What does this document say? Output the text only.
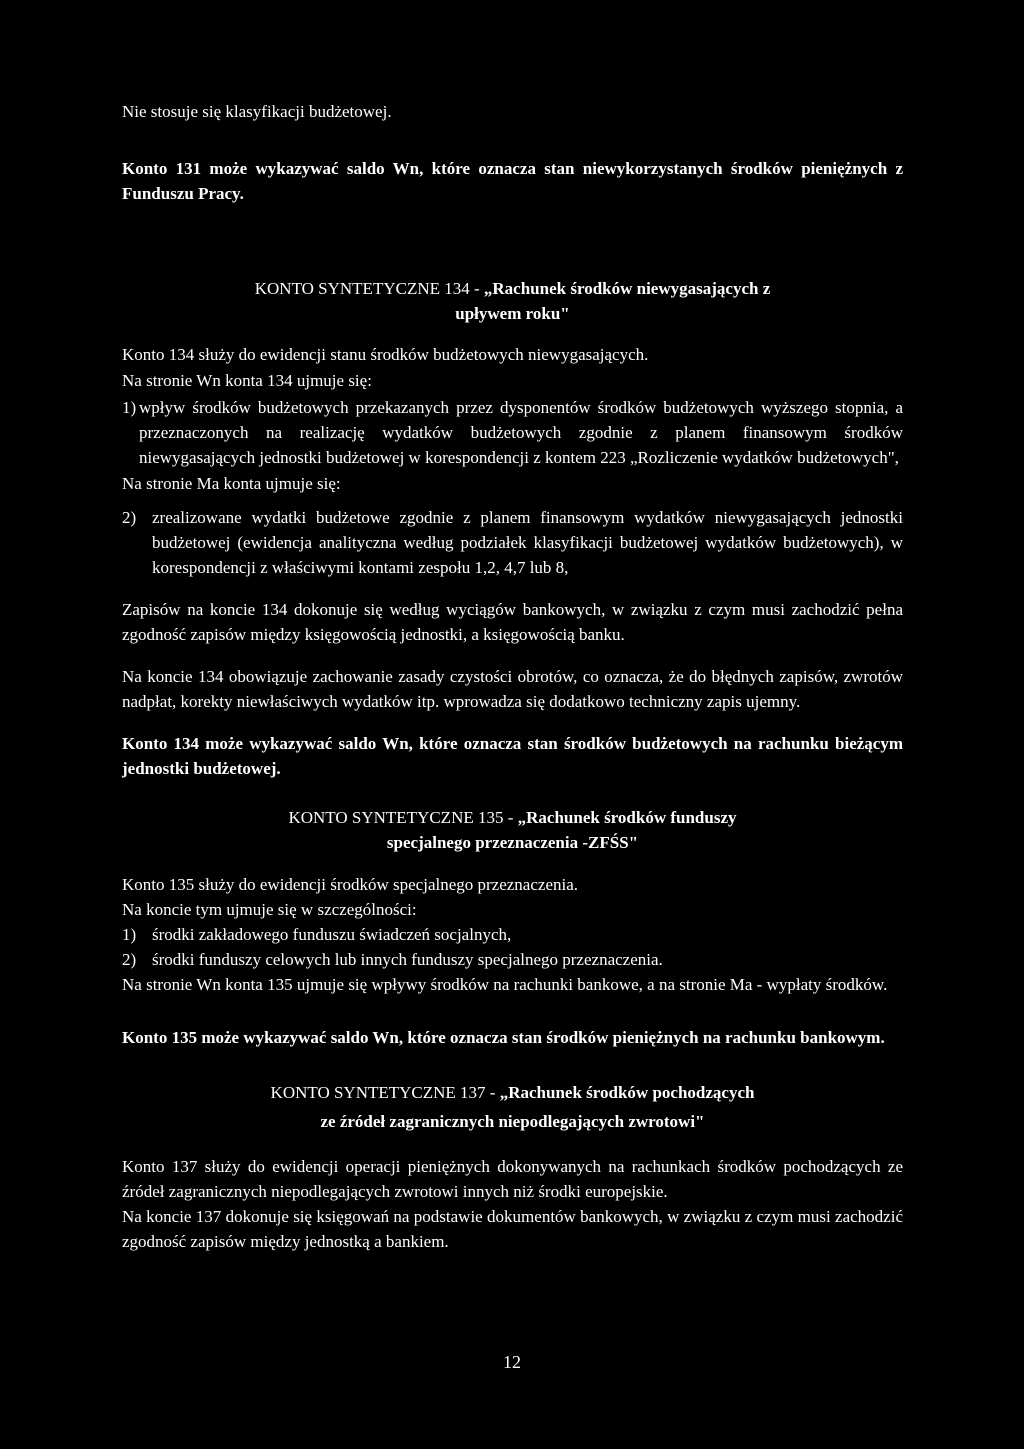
Nie stosuje się klasyfikacji budżetowej.

Konto 131 może wykazywać saldo Wn, które oznacza stan niewykorzystanych środków pieniężnych z Funduszu Pracy.

KONTO SYNTETYCZNE 134 - „Rachunek środków niewygasających z

upływem roku"

Konto 134 służy do ewidencji stanu środków budżetowych niewygasających.

Na stronie Wn konta 134 ujmuje się:

1) wpływ środków budżetowych przekazanych przez dysponentów środków budżetowych wyższego stopnia, a przeznaczonych na realizację wydatków budżetowych zgodnie z planem finansowym środków niewygasających jednostki budżetowej w korespondencji z kontem 223 „Rozliczenie wydatków budżetowych",

Na stronie Ma konta ujmuje się:

2) zrealizowane wydatki budżetowe zgodnie z planem finansowym wydatków niewygasających jednostki budżetowej (ewidencja analityczna według podziałek klasyfikacji budżetowej wydatków budżetowych), w korespondencji z właściwymi kontami zespołu 1,2, 4,7 lub 8,

Zapisów na koncie 134 dokonuje się według wyciągów bankowych, w związku z czym musi zachodzić pełna zgodność zapisów między księgowością jednostki, a księgowością banku.

Na koncie 134 obowiązuje zachowanie zasady czystości obrotów, co oznacza, że do błędnych zapisów, zwrotów nadpłat, korekty niewłaściwych wydatków itp. wprowadza się dodatkowo techniczny zapis ujemny.

Konto 134 może wykazywać saldo Wn, które oznacza stan środków budżetowych na rachunku bieżącym jednostki budżetowej.

KONTO SYNTETYCZNE 135 - „Rachunek środków funduszy

specjalnego przeznaczenia -ZFŚS"

Konto 135 służy do ewidencji środków specjalnego przeznaczenia.

Na koncie tym ujmuje się w szczególności:

1) środki zakładowego funduszu świadczeń socjalnych,
2) środki funduszy celowych lub innych funduszy specjalnego przeznaczenia.

Na stronie Wn konta 135 ujmuje się wpływy środków na rachunki bankowe, a na stronie Ma - wypłaty środków.

Konto 135 może wykazywać saldo Wn, które oznacza stan środków pieniężnych na rachunku bankowym.

KONTO SYNTETYCZNE 137 - „Rachunek środków pochodzących

ze źródeł zagranicznych niepodlegających zwrotowi"

Konto 137 służy do ewidencji operacji pieniężnych dokonywanych na rachunkach środków pochodzących ze źródeł zagranicznych niepodlegających zwrotowi innych niż środki europejskie.

Na koncie 137 dokonuje się księgowań na podstawie dokumentów bankowych, w związku z czym musi zachodzić zgodność zapisów między jednostką a bankiem.

12
